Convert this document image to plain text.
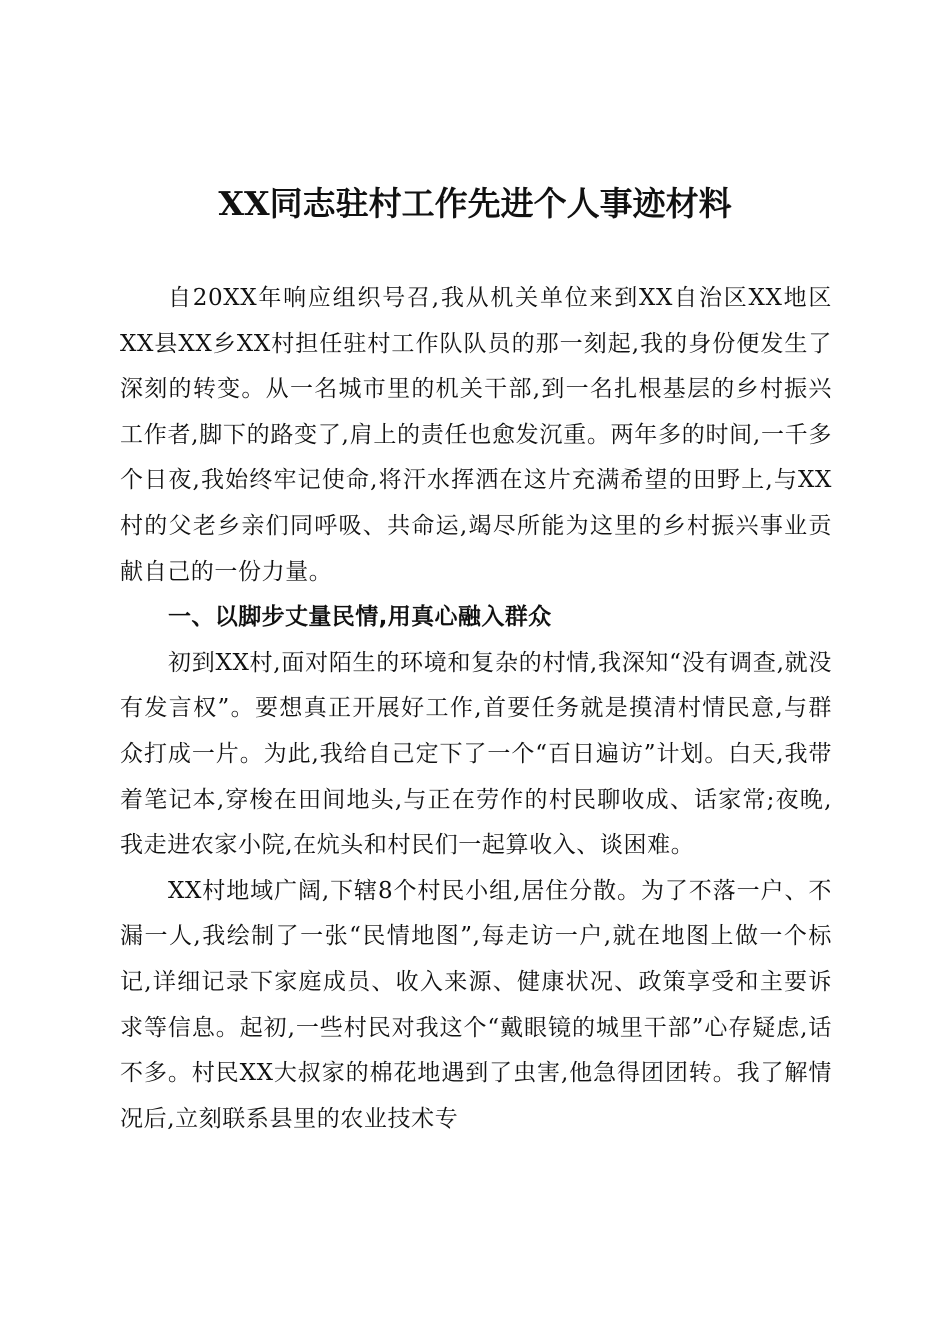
XX同志驻村工作先进个人事迹材料

自20XX年响应组织号召,我从机关单位来到XX自治区XX地区XX县XX乡XX村担任驻村工作队队员的那一刻起,我的身份便发生了深刻的转变。从一名城市里的机关干部,到一名扎根基层的乡村振兴工作者,脚下的路变了,肩上的责任也愈发沉重。两年多的时间,一千多个日夜,我始终牢记使命,将汗水挥洒在这片充满希望的田野上,与XX村的父老乡亲们同呼吸、共命运,竭尽所能为这里的乡村振兴事业贡献自己的一份力量。

一、以脚步丈量民情,用真心融入群众

初到XX村,面对陌生的环境和复杂的村情,我深知“没有调查,就没有发言权”。要想真正开展好工作,首要任务就是摸清村情民意,与群众打成一片。为此,我给自己定下了一个“百日遍访”计划。白天,我带着笔记本,穿梭在田间地头,与正在劳作的村民聊收成、话家常;夜晚,我走进农家小院,在炕头和村民们一起算收入、谈困难。

XX村地域广阔,下辖8个村民小组,居住分散。为了不落一户、不漏一人,我绘制了一张“民情地图”,每走访一户,就在地图上做一个标记,详细记录下家庭成员、收入来源、健康状况、政策享受和主要诉求等信息。起初,一些村民对我这个“戴眼镜的城里干部”心存疑虑,话不多。村民XX大叔家的棉花地遇到了虫害,他急得团团转。我了解情况后,立刻联系县里的农业技术专
